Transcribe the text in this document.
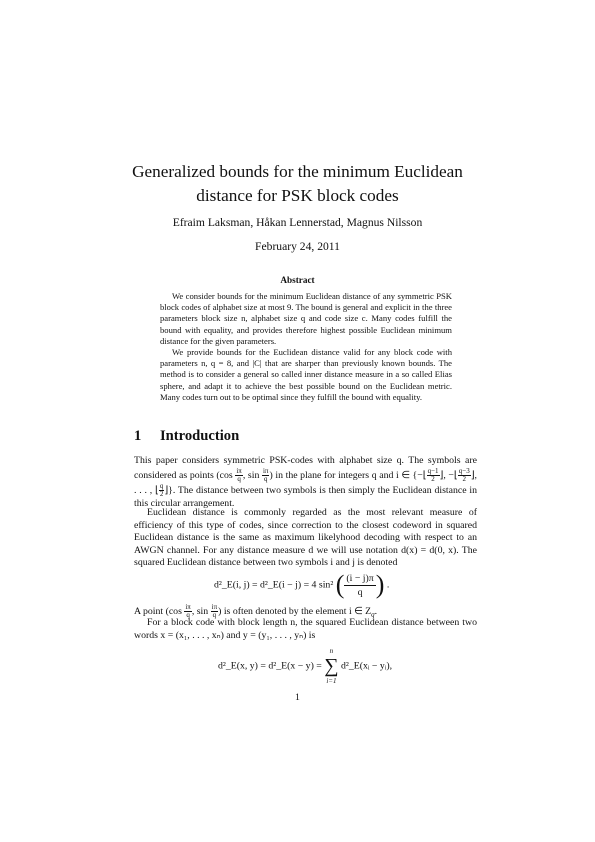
Generalized bounds for the minimum Euclidean
distance for PSK block codes
Efraim Laksman, Håkan Lennerstad, Magnus Nilsson
February 24, 2011
Abstract

We consider bounds for the minimum Euclidean distance of any symmetric PSK block codes of alphabet size at most 9. The bound is general and explicit in the three parameters block size n, alphabet size q and code size c. Many codes fulfill the bound with equality, and provides therefore highest possible Euclidean minimum distance for the given parameters.

We provide bounds for the Euclidean distance valid for any block code with parameters n, q = 8, and |C| that are sharper than previously known bounds. The method is to consider a general so called inner distance measure in a so called Elias sphere, and adapt it to achieve the best possible bound on the Euclidean metric. Many codes turn out to be optimal since they fulfill the bound with equality.

1 Introduction

This paper considers symmetric PSK-codes with alphabet size q. The symbols are considered as points ($\cos \frac{i\pi}{q}$ , $\sin \frac{i\pi}{q}$ ) in the plane for integers q and i ∈ {−⌊ $\frac{q-1}{2}$ ⌋, −⌊ $\frac{q-3}{2}$ ⌋, . . . , ⌊ $\frac{q}{2}$ ⌋}. The distance between two symbols is then simply the Euclidean distance in this circular arrangement.

Euclidean distance is commonly regarded as the most relevant measure of efficiency of this type of codes, since correction to the closest codeword in squared Euclidean distance is the same as maximum likelyhood decoding with respect to an AWGN channel. For any distance measure d we will use notation d(x) = d(0, x). The squared Euclidean distance between two symbols i and j is denoted

d²_E(i, j) = d²_E(i − j) = 4 sin² ( $\frac{(i - j)\pi}{q}$ ) .

A point ($\cos \frac{i\pi}{q}$ , $\sin \frac{i\pi}{q}$ ) is often denoted by the element i ∈ $Z_q$.

For a block code with block length n, the squared Euclidean distance between two words x = (x₁, . . . , xₙ) and y = (y₁, . . . , yₙ) is

d²_E(x, y) = d²_E(x − y) =
n
∑
i=1
d²_E(xᵢ − yᵢ),
1
